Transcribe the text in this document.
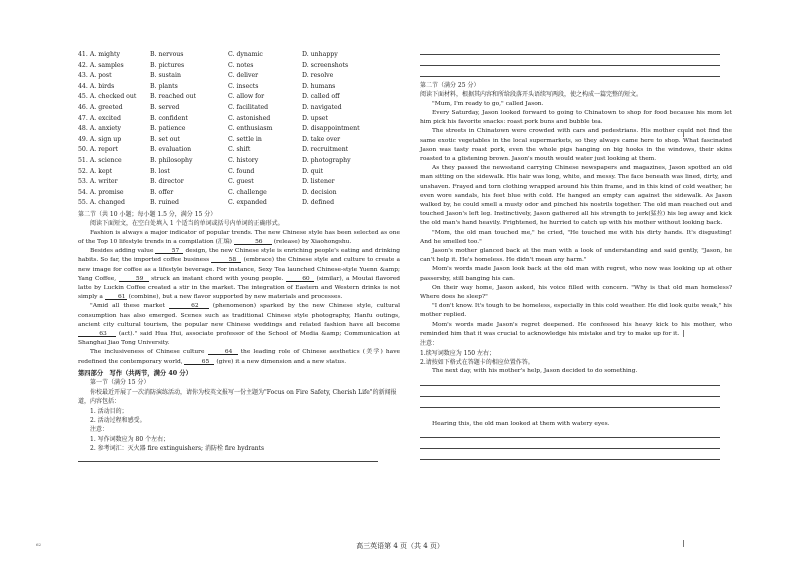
41. A. mighty	B. nervous	C. dynamic	D. unhappy
42. A. samples	B. pictures	C. notes	D. screenshots
43. A. post	B. sustain	C. deliver	D. resolve
44. A. birds	B. plants	C. insects	D. humans
45. A. checked out	B. reached out	C. allow for	D. called off
46. A. greeted	B. served	C. facilitated	D. navigated
47. A. excited	B. confident	C. astonished	D. upset
48. A. anxiety	B. patience	C. enthusiasm	D. disappointment
49. A. sign up	B. set out	C. settle in	D. take over
50. A. report	B. evaluation	C. shift	D. recruitment
51. A. science	B. philosophy	C. history	D. photography
52. A. kept	B. lost	C. found	D. quit
53. A. writer	B. director	C. guest	D. listener
54. A. promise	B. offer	C. challenge	D. decision
55. A. changed	B. ruined	C. expanded	D. defined

第二节（共 10 小题；每小题 1.5 分，满分 15 分）

阅读下面短文，在空白处填入 1 个适当的单词或括号内单词的正确形式。

Fashion is always a major indicator of popular trends. The new Chinese style has been selected as one of the Top 10 lifestyle trends in a compilation (汇编)	56 (release) by Xiaohongshu.

Besides adding value	57 design, the new Chinese style is enriching people's eating and drinking habits. So far, the imported coffee business	58 (embrace) the Chinese style and culture to create a new image for coffee as a lifestyle beverage. For instance, Sexy Tea launched Chinese-style Yuenn &amp; Yang Coffee,	59 struck an instant chord with young people.	60 (similar), a Moutai flavored latte by Luckin Coffee created a stir in the market. The integration of Eastern and Western drinks is not simply a	61 (combine), but a new flavor supported by new materials and processes.

"Amid all these market	62 (phenomenon) sparked by the new Chinese style, cultural consumption has also emerged. Scenes such as traditional Chinese style photography, Hanfu outings, ancient city cultural tourism, the popular new Chinese weddings and related fashion have all become 63 (act)." said Hua Hui, associate professor of the School of Media &amp; Communication at Shanghai Jiao Tong University.

The inclusiveness of Chinese culture	64 the leading role of Chinese aesthetics (美学) have redefined the contemporary world,	65 (give) it a new dimension and a new status.

第四部分　写作（共两节，满分 40 分）

第一节（满分 15 分）

你校最近开展了一次消防演练活动，请你为校英文报写一份主题为"Focus on Fire Safety, Cherish Life"的新闻报道，内容包括：

1. 活动目的；

2. 活动过程和感受。

注意：

1. 写作词数应为 80 个左右；

2. 参考词汇：灭火器 fire extinguishers; 消防栓 fire hydrants

第二节（满分 25 分）

阅读下面材料，根据其内容和所给段落开头语续写两段，使之构成一篇完整的短文。

"Mum, I'm ready to go," called Jason.

Every Saturday, Jason looked forward to going to Chinatown to shop for food because his mom let him pick his favorite snacks: roast pork buns and bubble tea.

The streets in Chinatown were crowded with cars and pedestrians. His mother could not find the same exotic vegetables in the local supermarkets, so they always came here to shop. What fascinated Jason was tasty roast pork, even the whole pigs hanging on big hooks in the windows, their skins roasted to a glistening brown. Jason's mouth would water just looking at them.

As they passed the newsstand carrying Chinese newspapers and magazines, Jason spotted an old man sitting on the sidewalk. His hair was long, white, and messy. The face beneath was lined, dirty, and unshaven. Frayed and torn clothing wrapped around his thin frame, and in this kind of cold weather, he even wore sandals, his feet blue with cold. He hanged an empty can against the sidewalk. As Jason walked by, he could smell a musty odor and pinched his nostrils together. The old man reached out and touched Jason's left leg. Instinctively, Jason gathered all his strength to jerk(猛拉) his leg away and kick the old man's hand heavily. Frightened, he hurried to catch up with his mother without looking back.

"Mom, the old man touched me," he cried, "He touched me with his dirty hands. It's disgusting! And he smelled too."

Jason's mother glanced back at the man with a look of understanding and said gently, "Jason, he can't help it. He's homeless. He didn't mean any harm."

Mom's words made Jason look back at the old man with regret, who now was looking up at other passersby, still banging his can.

On their way home, Jason asked, his voice filled with concern. "Why is that old man homeless? Where does he sleep?"

"I don't know. It's tough to be homeless, especially in this cold weather. He did look quite weak," his mother replied.

Mom's words made Jason's regret deepened. He confessed his heavy kick to his mother, who reminded him that it was crucial to acknowledge his mistake and try to make up for it.

注意：

1.续写词数应为 150 左右；

2.请按如下格式在答题卡的相应位置作答。

The next day, with his mother's help, Jason decided to do something.

Hearing this, the old man looked at them with watery eyes.

高三英语第 4 页（共 4 页）
62
